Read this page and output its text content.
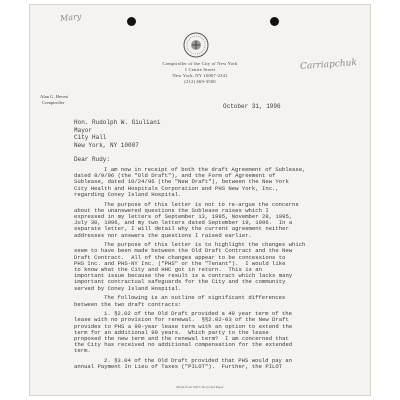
Mary
Carriapchuk
Comptroller of the City of New York
1 Centre Street
New York, NY 10007-2341
(212) 669-3500
Alan G. Hevesi
Comptroller
October 31, 1996
Hon. Rudolph W. Giuliani
Mayor
City Hall
New York, NY 10007
Dear Rudy:
I am now in receipt of both the draft Agreement of Sublease,
dated 8/9/96 (the "Old Draft"), and the Form of Agreement of
Sublease, dated 10/24/96 (the "New Draft"), between the New York
City Health and Hospitals Corporation and PHS New York, Inc.,
regarding Coney Island Hospital.
The purpose of this letter is not to re-argue the concerns
about the unanswered questions the Sublease raises which I
expressed in my letters of September 13, 1995, November 28, 1995,
July 30, 1996, and my two letters dated September 19, 1996.  In a
separate letter, I will detail why the current agreement neither
addresses nor answers the questions I raised earlier.
The purpose of this letter is to highlight the changes which
seem to have been made between the Old Draft Contract and the New
Draft Contract.  All of the changes appear to be concessions to
PHS Inc. and PHS-NY Inc. ("PHS" or the "Tenant").  I would like
to know what the City and HHC got in return.  This is an
important issue because the result is a contract which lacks many
important contractual safeguards for the City and the community
served by Coney Island Hospital.
The following is an outline of significant differences
between the two draft contracts:
1. §2.02 of the Old Draft provided a 49 year term of the
lease with no provision for renewal.  §§2.02-03 of the New Draft
provides to PHS a 99-year lease term with an option to extend the
term for an additional 99 years.  Which party to the lease
proposed the new term and the renewal term?  I am concerned that
the City has received no additional compensation for the extended
term.
2. §3.04 of the Old Draft provided that PHS would pay an
annual Payment In Lieu of Taxes ("PILOT").  Further, the PILOT
Made from 100% Recycled Paper
